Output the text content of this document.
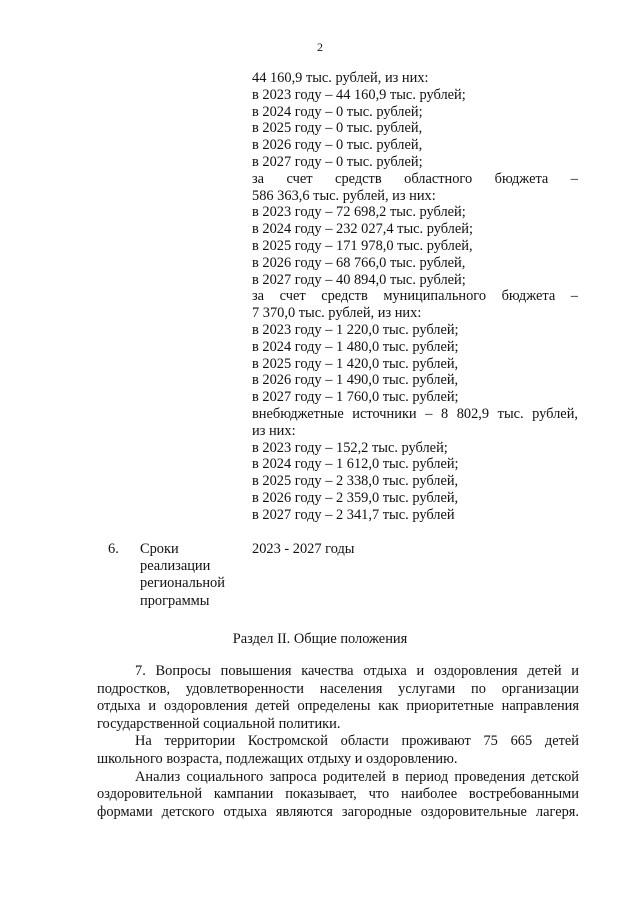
2
44 160,9 тыс. рублей, из них:
в 2023 году – 44 160,9 тыс. рублей;
в 2024 году – 0 тыс. рублей;
в 2025 году – 0 тыс. рублей,
в 2026 году – 0 тыс. рублей,
в 2027 году – 0 тыс. рублей;
за счет средств областного бюджета –
586 363,6 тыс. рублей, из них:
в 2023 году – 72 698,2 тыс. рублей;
в 2024 году – 232 027,4 тыс. рублей;
в 2025 году – 171 978,0 тыс. рублей,
в 2026 году – 68 766,0 тыс. рублей,
в 2027 году – 40 894,0 тыс. рублей;
за счет средств муниципального бюджета –
7 370,0 тыс. рублей, из них:
в 2023 году – 1 220,0 тыс. рублей;
в 2024 году – 1 480,0 тыс. рублей;
в 2025 году – 1 420,0 тыс. рублей,
в 2026 году – 1 490,0 тыс. рублей,
в 2027 году – 1 760,0 тыс. рублей;
внебюджетные источники – 8 802,9 тыс. рублей,
из них:
в 2023 году – 152,2 тыс. рублей;
в 2024 году – 1 612,0 тыс. рублей;
в 2025 году – 2 338,0 тыс. рублей,
в 2026 году – 2 359,0 тыс. рублей,
в 2027 году – 2 341,7 тыс. рублей
6. Сроки
реализации
региональной
программы
2023 - 2027 годы
Раздел II. Общие положения

7. Вопросы повышения качества отдыха и оздоровления детей и
подростков, удовлетворенности населения услугами по организации
отдыха и оздоровления детей определены как приоритетные направления
государственной социальной политики.

На территории Костромской области проживают 75 665 детей
школьного возраста, подлежащих отдыху и оздоровлению.

Анализ социального запроса родителей в период проведения детской
оздоровительной кампании показывает, что наиболее востребованными
формами детского отдыха являются загородные оздоровительные лагеря.
